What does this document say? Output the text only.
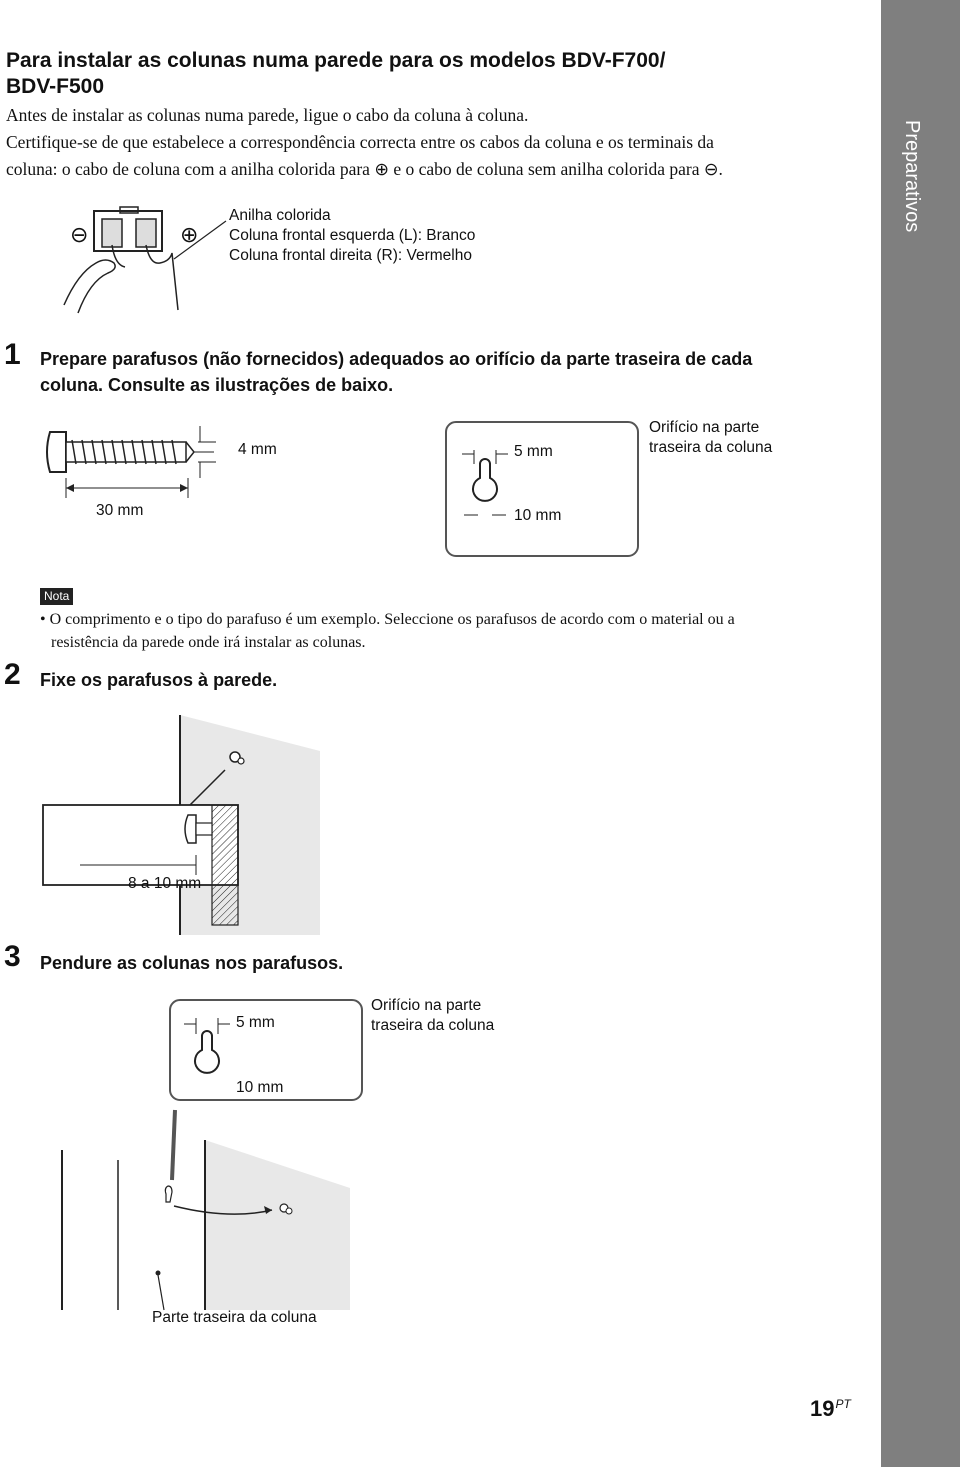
Preparativos
Para instalar as colunas numa parede para os modelos BDV-F700/
BDV-F500
Antes de instalar as colunas numa parede, ligue o cabo da coluna à coluna.
Certifique-se de que estabelece a correspondência correcta entre os cabos da coluna e os terminais da
coluna: o cabo de coluna com a anilha colorida para ⊕ e o cabo de coluna sem anilha colorida para ⊖.
⊖	⊕
Anilha colorida
Coluna frontal esquerda (L): Branco
Coluna frontal direita (R): Vermelho
1 Prepare parafusos (não fornecidos) adequados ao orifício da parte traseira de cada
coluna. Consulte as ilustrações de baixo.
4 mm
30 mm
5 mm
10 mm
Orifício na parte
traseira da coluna
Nota
• O comprimento e o tipo do parafuso é um exemplo. Seleccione os parafusos de acordo com o material ou a
resistência da parede onde irá instalar as colunas.
2 Fixe os parafusos à parede.
8 a 10 mm
3 Pendure as colunas nos parafusos.
5 mm
10 mm
Orifício na parte
traseira da coluna
Parte traseira da coluna
$19^{PT}$
